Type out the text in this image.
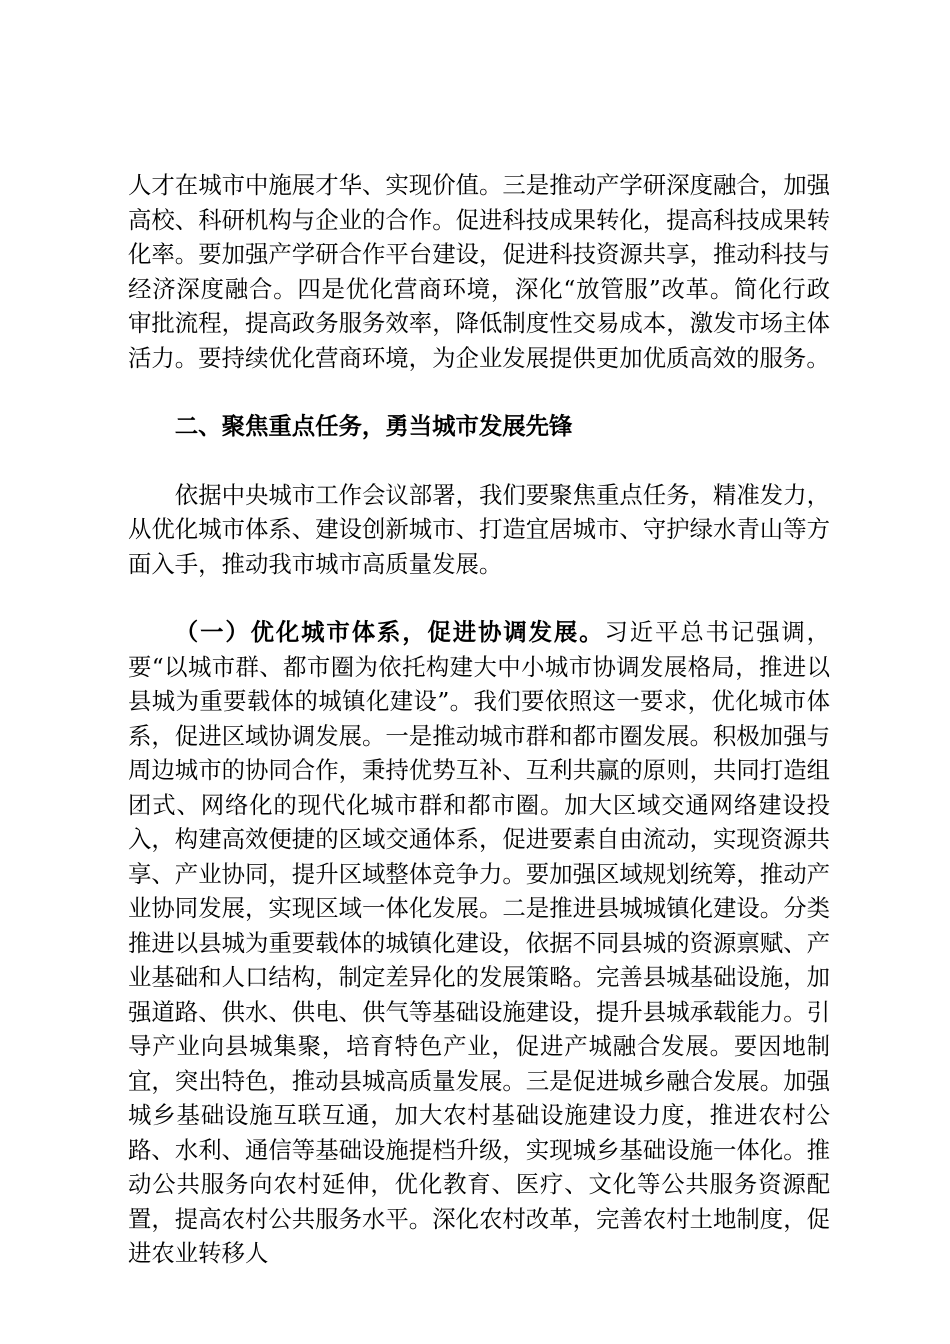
人才在城市中施展才华、实现价值。三是推动产学研深度融合，加强高校、科研机构与企业的合作。促进科技成果转化，提高科技成果转化率。要加强产学研合作平台建设，促进科技资源共享，推动科技与经济深度融合。四是优化营商环境，深化“放管服”改革。简化行政审批流程，提高政务服务效率，降低制度性交易成本，激发市场主体活力。要持续优化营商环境，为企业发展提供更加优质高效的服务。

二、聚焦重点任务，勇当城市发展先锋

依据中央城市工作会议部署，我们要聚焦重点任务，精准发力，从优化城市体系、建设创新城市、打造宜居城市、守护绿水青山等方面入手，推动我市城市高质量发展。

（一）优化城市体系，促进协调发展。习近平总书记强调，要“以城市群、都市圈为依托构建大中小城市协调发展格局，推进以县城为重要载体的城镇化建设”。我们要依照这一要求，优化城市体系，促进区域协调发展。一是推动城市群和都市圈发展。积极加强与周边城市的协同合作，秉持优势互补、互利共赢的原则，共同打造组团式、网络化的现代化城市群和都市圈。加大区域交通网络建设投入，构建高效便捷的区域交通体系，促进要素自由流动，实现资源共享、产业协同，提升区域整体竞争力。要加强区域规划统筹，推动产业协同发展，实现区域一体化发展。二是推进县城城镇化建设。分类推进以县城为重要载体的城镇化建设，依据不同县城的资源禀赋、产业基础和人口结构，制定差异化的发展策略。完善县城基础设施，加强道路、供水、供电、供气等基础设施建设，提升县城承载能力。引导产业向县城集聚，培育特色产业，促进产城融合发展。要因地制宜，突出特色，推动县城高质量发展。三是促进城乡融合发展。加强城乡基础设施互联互通，加大农村基础设施建设力度，推进农村公路、水利、通信等基础设施提档升级，实现城乡基础设施一体化。推动公共服务向农村延伸，优化教育、医疗、文化等公共服务资源配置，提高农村公共服务水平。深化农村改革，完善农村土地制度，促进农业转移人
